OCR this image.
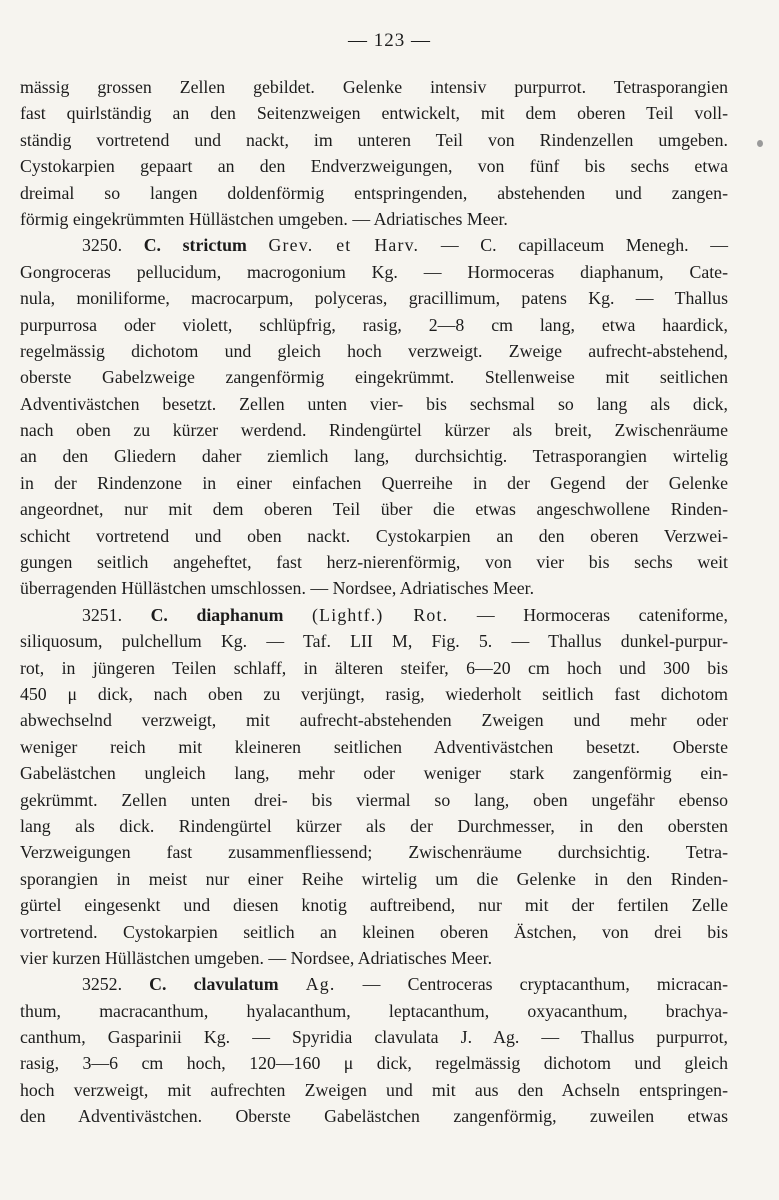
— 123 —
mässig grossen Zellen gebildet. Gelenke intensiv purpurrot. Tetrasporangien
fast quirlständig an den Seitenzweigen entwickelt, mit dem oberen Teil voll-
ständig vortretend und nackt, im unteren Teil von Rindenzellen umgeben.
Cystokarpien gepaart an den Endverzweigungen, von fünf bis sechs etwa
dreimal so langen doldenförmig entspringenden, abstehenden und zangen-
förmig eingekrümmten Hüllästchen umgeben. — Adriatisches Meer.
3250. C. strictum Grev. et Harv. — C. capillaceum Menegh. —
Gongroceras pellucidum, macrogonium Kg. — Hormoceras diaphanum, Cate-
nula, moniliforme, macrocarpum, polyceras, gracillimum, patens Kg. — Thallus
purpurrosa oder violett, schlüpfrig, rasig, 2—8 cm lang, etwa haardick,
regelmässig dichotom und gleich hoch verzweigt. Zweige aufrecht-abstehend,
oberste Gabelzweige zangenförmig eingekrümmt. Stellenweise mit seitlichen
Adventivästchen besetzt. Zellen unten vier- bis sechsmal so lang als dick,
nach oben zu kürzer werdend. Rindengürtel kürzer als breit, Zwischenräume
an den Gliedern daher ziemlich lang, durchsichtig. Tetrasporangien wirtelig
in der Rindenzone in einer einfachen Querreihe in der Gegend der Gelenke
angeordnet, nur mit dem oberen Teil über die etwas angeschwollene Rinden-
schicht vortretend und oben nackt. Cystokarpien an den oberen Verzwei-
gungen seitlich angeheftet, fast herz-nierenförmig, von vier bis sechs weit
überragenden Hüllästchen umschlossen. — Nordsee, Adriatisches Meer.
3251. C. diaphanum (Lightf.) Rot. — Hormoceras cateniforme,
siliquosum, pulchellum Kg. — Taf. LII M, Fig. 5. — Thallus dunkel-purpur-
rot, in jüngeren Teilen schlaff, in älteren steifer, 6—20 cm hoch und 300 bis
450 μ dick, nach oben zu verjüngt, rasig, wiederholt seitlich fast dichotom
abwechselnd verzweigt, mit aufrecht-abstehenden Zweigen und mehr oder
weniger reich mit kleineren seitlichen Adventivästchen besetzt. Oberste
Gabelästchen ungleich lang, mehr oder weniger stark zangenförmig ein-
gekrümmt. Zellen unten drei- bis viermal so lang, oben ungefähr ebenso
lang als dick. Rindengürtel kürzer als der Durchmesser, in den obersten
Verzweigungen fast zusammenfliessend; Zwischenräume durchsichtig. Tetra-
sporangien in meist nur einer Reihe wirtelig um die Gelenke in den Rinden-
gürtel eingesenkt und diesen knotig auftreibend, nur mit der fertilen Zelle
vortretend. Cystokarpien seitlich an kleinen oberen Ästchen, von drei bis
vier kurzen Hüllästchen umgeben. — Nordsee, Adriatisches Meer.
3252. C. clavulatum Ag. — Centroceras cryptacanthum, micracan-
thum, macracanthum, hyalacanthum, leptacanthum, oxyacanthum, brachya-
canthum, Gasparinii Kg. — Spyridia clavulata J. Ag. — Thallus purpurrot,
rasig, 3—6 cm hoch, 120—160 μ dick, regelmässig dichotom und gleich
hoch verzweigt, mit aufrechten Zweigen und mit aus den Achseln entspringen-
den Adventivästchen. Oberste Gabelästchen zangenförmig, zuweilen etwas
